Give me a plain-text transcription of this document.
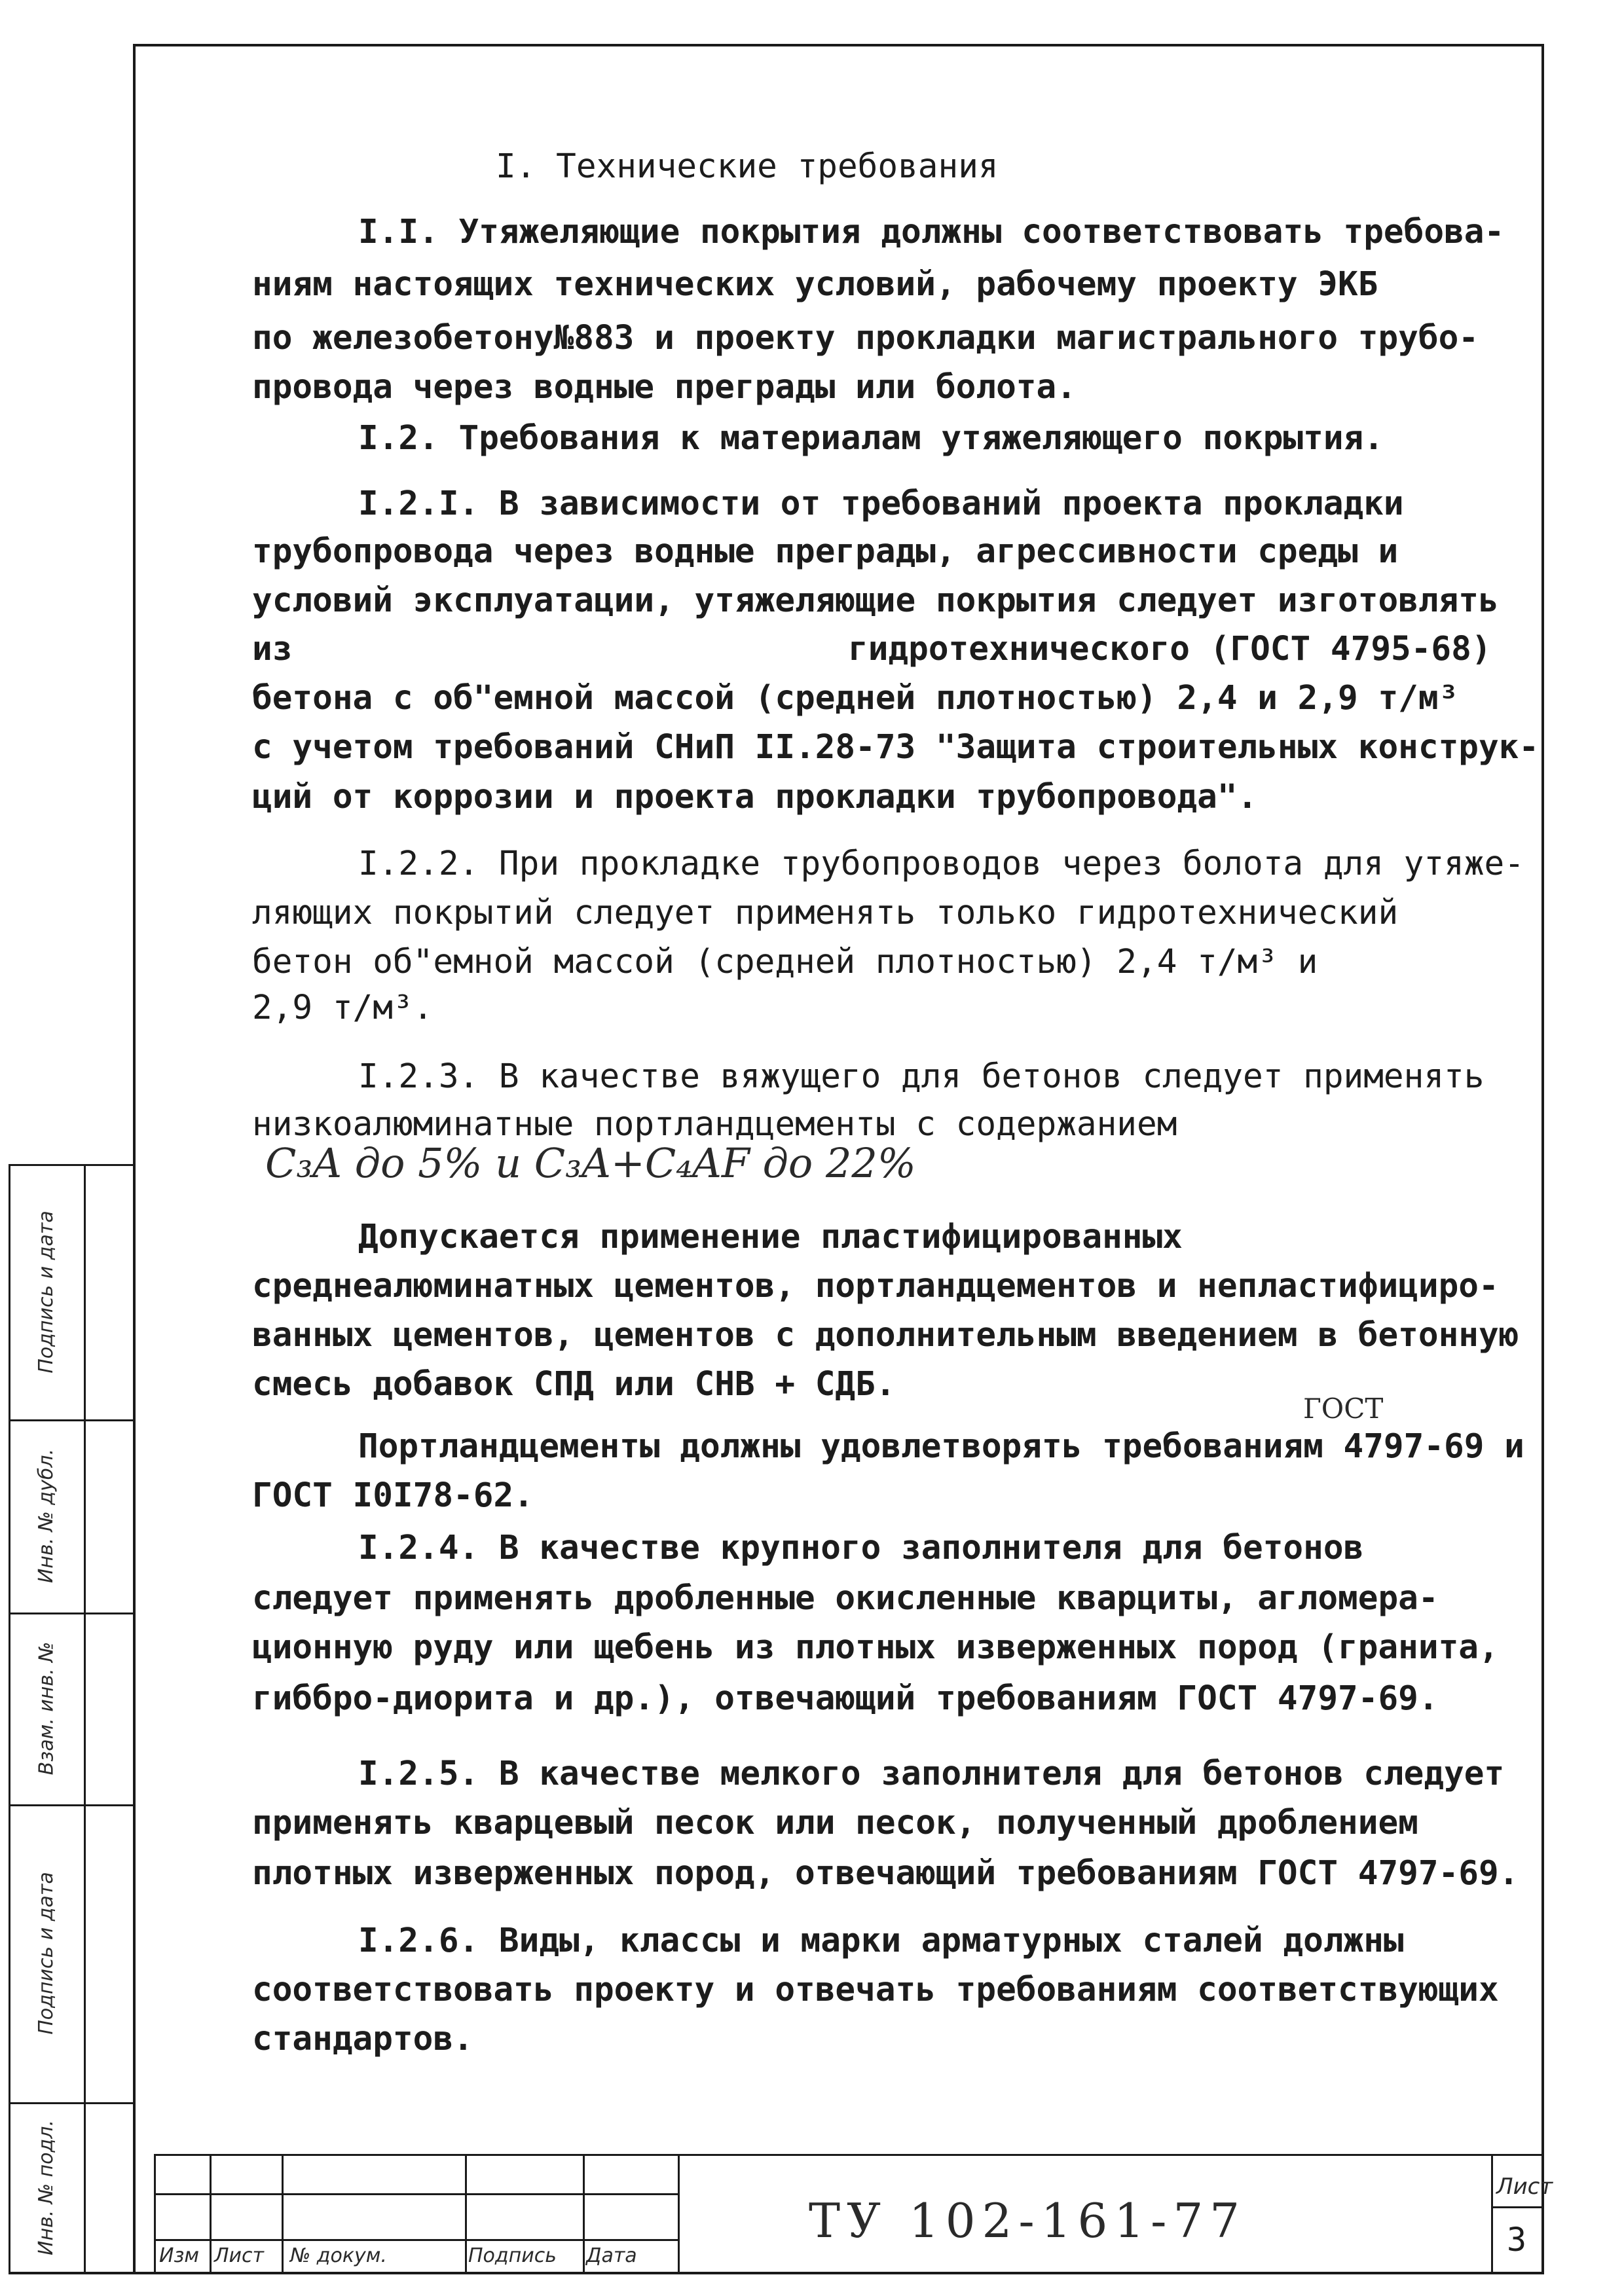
Инв. № подл.
Подпись и дата
Взам. инв. №
Инв. № дубл.
Подпись и дата
I. Технические требования
I.I. Утяжеляющие покрытия должны соответствовать требова-
ниям настоящих технических условий, рабочему проекту ЭКБ
по железобетону№883 и проекту прокладки магистрального трубо-
провода через водные преграды или болота.
I.2. Требования к материалам утяжеляющего покрытия.
I.2.I. В зависимости от требований проекта прокладки
трубопровода через водные преграды, агрессивности среды и
условий эксплуатации, утяжеляющие покрытия следует изготовлять
из	гидротехнического (ГОСТ 4795-68)
бетона с об"емной массой (средней плотностью) 2,4 и 2,9 т/м³
с учетом требований СНиП II.28-73 "Защита строительных конструк-
ций от коррозии и проекта прокладки трубопровода".
I.2.2. При прокладке трубопроводов через болота для утяже-
ляющих покрытий следует применять только гидротехнический
бетон об"емной массой (средней плотностью) 2,4 т/м³ и
2,9 т/м³.
I.2.3. В качестве вяжущего для бетонов следует применять
низкоалюминатные портландцементы с содержанием
C₃A до 5% и C₃A+C₄AF до 22%
Допускается применение пластифицированных
среднеалюминатных цементов, портландцементов и непластифициро-
ванных цементов, цементов с дополнительным введением в бетонную
смесь добавок СПД или СНВ + СДБ.
ГОСТ
Портландцементы должны удовлетворять требованиям 4797-69 и
ГОСТ I0I78-62.
I.2.4. В качестве крупного заполнителя для бетонов
следует применять дробленные окисленные кварциты, агломера-
ционную руду или щебень из плотных изверженных пород (гранита,
гиббро-диорита и др.), отвечающий требованиям ГОСТ 4797-69.
I.2.5. В качестве мелкого заполнителя для бетонов следует
применять кварцевый песок или песок, полученный дроблением
плотных изверженных пород, отвечающий требованиям ГОСТ 4797-69.
I.2.6. Виды, классы и марки арматурных сталей должны
соответствовать проекту и отвечать требованиям соответствующих
стандартов.
Изм Лист № докум.	Подпись Дата
ТУ 102-161-77
Лист
3
